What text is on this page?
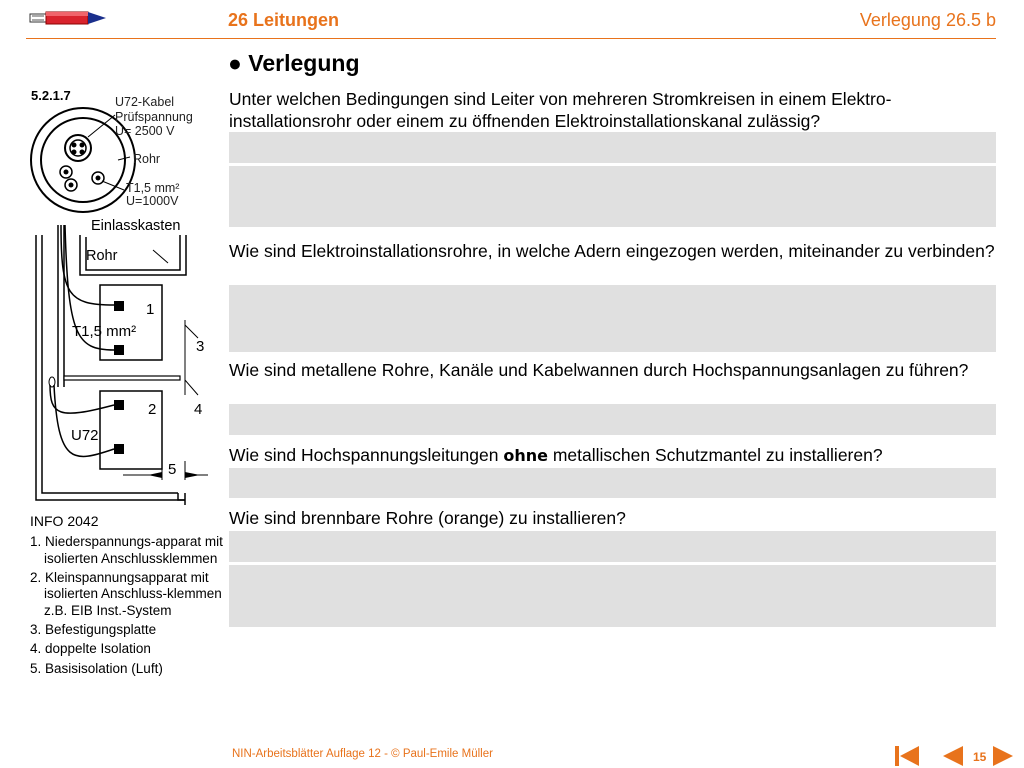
26 Leitungen	Verlegung 26.5 b
● Verlegung
Unter welchen Bedingungen sind Leiter von mehreren Stromkreisen in einem Elektro-installationsrohr oder einem zu öffnenden Elektroinstallationskanal zulässig?
Wie sind Elektroinstallationsrohre, in welche Adern eingezogen werden, miteinander zu verbinden?
Wie sind metallene Rohre, Kanäle und Kabelwannen durch Hochspannungsanlagen zu führen?
Wie sind Hochspannungsleitungen ohne metallischen Schutzmantel zu installieren?
Wie sind brennbare Rohre (orange) zu installieren?
5.2.1.7	U72-Kabel
Prüfspannung
U= 2500 V
Rohr
T1,5 mm²
U=1000V
Einlasskasten
Rohr
1
T1,5 mm²
3
2	4
U72
5
INFO 2042
1. Niederspannungs-apparat mit isolierten Anschlussklemmen
2. Kleinspannungsapparat mit isolierten Anschluss-klemmen z.B. EIB Inst.-System
3. Befestigungsplatte
4. doppelte Isolation
5. Basisisolation (Luft)
NIN-Arbeitsblätter Auflage 12 - © Paul-Emile Müller	15
